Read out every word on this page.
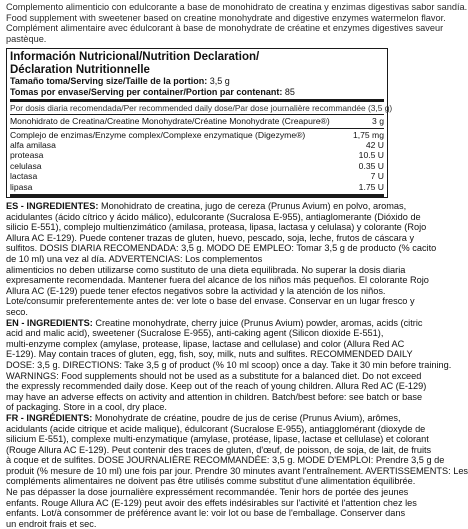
Complemento alimenticio con edulcorante a base de monohidrato de creatina y enzimas digestivas sabor sandía.
Food supplement with sweetener based on creatine monohydrate and digestive enzymes watermelon flavor.
Complément alimentaire avec édulcorant à base de monohydrate de créatine et enzymes digestives saveur
pastèque.
Información Nutricional/Nutrition Declaration/
Déclaration Nutritionnelle
Tamaño toma/Serving size/Taille de la portion: 3,5 g
Tomas por envase/Serving per container/Portion par contenant: 85
Por dosis diaria recomendada/Per recommended daily dose/Par dose journalière recommandée (3,5 g)
Monohidrato de Creatina/Creatine Monohydrate/Créatine Monohydrate (Creapure®)	3 g
Complejo de enzimas/Enzyme complex/Complexe enzymatique (Digezyme®)	1,75 mg
alfa amilasa	42 U
proteasa	10.5 U
celulasa	0.35 U
lactasa	7 U
lipasa	1.75 U
ES - INGREDIENTES: Monohidrato de creatina, jugo de cereza (Prunus Avium) en polvo, aromas,
acidulantes (ácido cítrico y ácido málico), edulcorante (Sucralosa E-955), antiaglomerante (Dióxido de
silicio E-551), complejo multienzimático (amilasa, proteasa, lipasa, lactasa y celulasa) y colorante (Rojo
Allura AC E-129). Puede contener trazas de gluten, huevo, pescado, soja, leche, frutos de cáscara y
sulfitos. DOSIS DIARIA RECOMENDADA: 3,5 g. MODO DE EMPLEO: Tomar 3,5 g de producto (% cacito
de 10 ml) una vez al día. ADVERTENCIAS: Los complementos
alimenticios no deben utilizarse como sustituto de una dieta equilibrada. No superar la dosis diaria
expresamente recomendada. Mantener fuera del alcance de los niños más pequeños. El colorante Rojo
Allura AC (E-129) puede tener efectos negativos sobre la actividad y la atención de los niños.
Lote/consumir preferentemente antes de: ver lote o base del envase. Conservar en un lugar fresco y
seco.
EN - INGREDIENTS: Creatine monohydrate, cherry juice (Prunus Avium) powder, aromas, acids (citric
acid and malic acid), sweetener (Sucralose E-955), anti-caking agent (Silicon dioxide E-551),
multi-enzyme complex (amylase, protease, lipase, lactase and cellulase) and color (Allura Red AC
E-129). May contain traces of gluten, egg, fish, soy, milk, nuts and sulfites. RECOMMENDED DAILY
DOSE: 3,5 g. DIRECTIONS: Take 3,5 g of product (% 10 ml scoop) once a day. Take it 30 min before training.
WARNINGS: Food supplements should not be used as a substitute for a balanced diet. Do not exceed
the expressly recommended daily dose. Keep out of the reach of young children. Allura Red AC (E-129)
may have an adverse effects on activity and attention in children. Batch/best before: see batch or base
of packaging. Store in a cool, dry place.
FR - INGRÉDIENTS: Monohydrate de créatine, poudre de jus de cerise (Prunus Avium), arômes,
acidulants (acide citrique et acide malique), édulcorant (Sucralose E-955), antiagglomérant (dioxyde de
silicium E-551), complexe multi-enzymatique (amylase, protéase, lipase, lactase et cellulase) et colorant
(Rouge Allura AC E-129). Peut contenir des traces de gluten, d'œuf, de poisson, de soja, de lait, de fruits
à coque et de sulfites. DOSE JOURNALIÈRE RECOMMANDÉE: 3,5 g. MODE D'EMPLOI: Prendre 3,5 g de
produit (% mesure de 10 ml) une fois par jour. Prendre 30 minutes avant l'entraînement. AVERTISSEMENTS: Les
compléments alimentaires ne doivent pas être utilisés comme substitut d'une alimentation équilibrée.
Ne pas dépasser la dose journalière expressément recommandée. Tenir hors de portée des jeunes
enfants. Rouge Allura AC (E-129) peut avoir des effets indésirables sur l'activité et l'attention chez les
enfants. Lot/à consommer de préférence avant le: voir lot ou base de l'emballage. Conserver dans
un endroit frais et sec.
